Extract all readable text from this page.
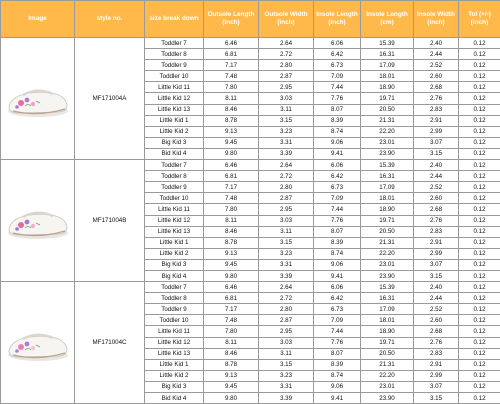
Image	style no.	size break down	Outsole Length (inch)	Outsole Width (inch)	Insole Length (inch)	Insole Length (cm)	Insole Width (inch)	Tol (+/-) (inch)

	MF171004A	Toddler 7	6.46	2.64	6.06	15.39	2.40	0.12
		Toddler 8	6.81	2.72	6.42	16.31	2.44	0.12
		Toddler 9	7.17	2.80	6.73	17.09	2.52	0.12
		Toddler 10	7.48	2.87	7.09	18.01	2.60	0.12
		Little Kid 11	7.80	2.95	7.44	18.90	2.68	0.12
		Little Kid 12	8.11	3.03	7.76	19.71	2.76	0.12
		Little Kid 13	8.46	3.11	8.07	20.50	2.83	0.12
		Little Kid 1	8.78	3.15	8.39	21.31	2.91	0.12
		Little Kid 2	9.13	3.23	8.74	22.20	2.99	0.12
		Big Kid 3	9.45	3.31	9.06	23.01	3.07	0.12
		Bid Kid 4	9.80	3.39	9.41	23.90	3.15	0.12

	MF171004B	Toddler 7	6.46	2.64	6.06	15.39	2.40	0.12
		Toddler 8	6.81	2.72	6.42	16.31	2.44	0.12
		Toddler 9	7.17	2.80	6.73	17.09	2.52	0.12
		Toddler 10	7.48	2.87	7.09	18.01	2.60	0.12
		Little Kid 11	7.80	2.95	7.44	18.90	2.68	0.12
		Little Kid 12	8.11	3.03	7.76	19.71	2.76	0.12
		Little Kid 13	8.46	3.11	8.07	20.50	2.83	0.12
		Little Kid 1	8.78	3.15	8.39	21.31	2.91	0.12
		Little Kid 2	9.13	3.23	8.74	22.20	2.99	0.12
		Big Kid 3	9.45	3.31	9.06	23.01	3.07	0.12
		Big Kid 4	9.80	3.39	9.41	23.90	3.15	0.12

	MF171004C	Toddler 7	6.46	2.64	6.06	15.39	2.40	0.12
		Toddler 8	6.81	2.72	6.42	16.31	2.44	0.12
		Toddler 9	7.17	2.80	6.73	17.09	2.52	0.12
		Toddler 10	7.48	2.87	7.09	18.01	2.60	0.12
		Little Kid 11	7.80	2.95	7.44	18.90	2.68	0.12
		Little Kid 12	8.11	3.03	7.76	19.71	2.76	0.12
		Little Kid 13	8.46	3.11	8.07	20.50	2.83	0.12
		Little Kid 1	8.78	3.15	8.39	21.31	2.91	0.12
		Little Kid 2	9.13	3.23	8.74	22.20	2.99	0.12
		Big Kid 3	9.45	3.31	9.06	23.01	3.07	0.12
		Bid Kid 4	9.80	3.39	9.41	23.90	3.15	0.12
